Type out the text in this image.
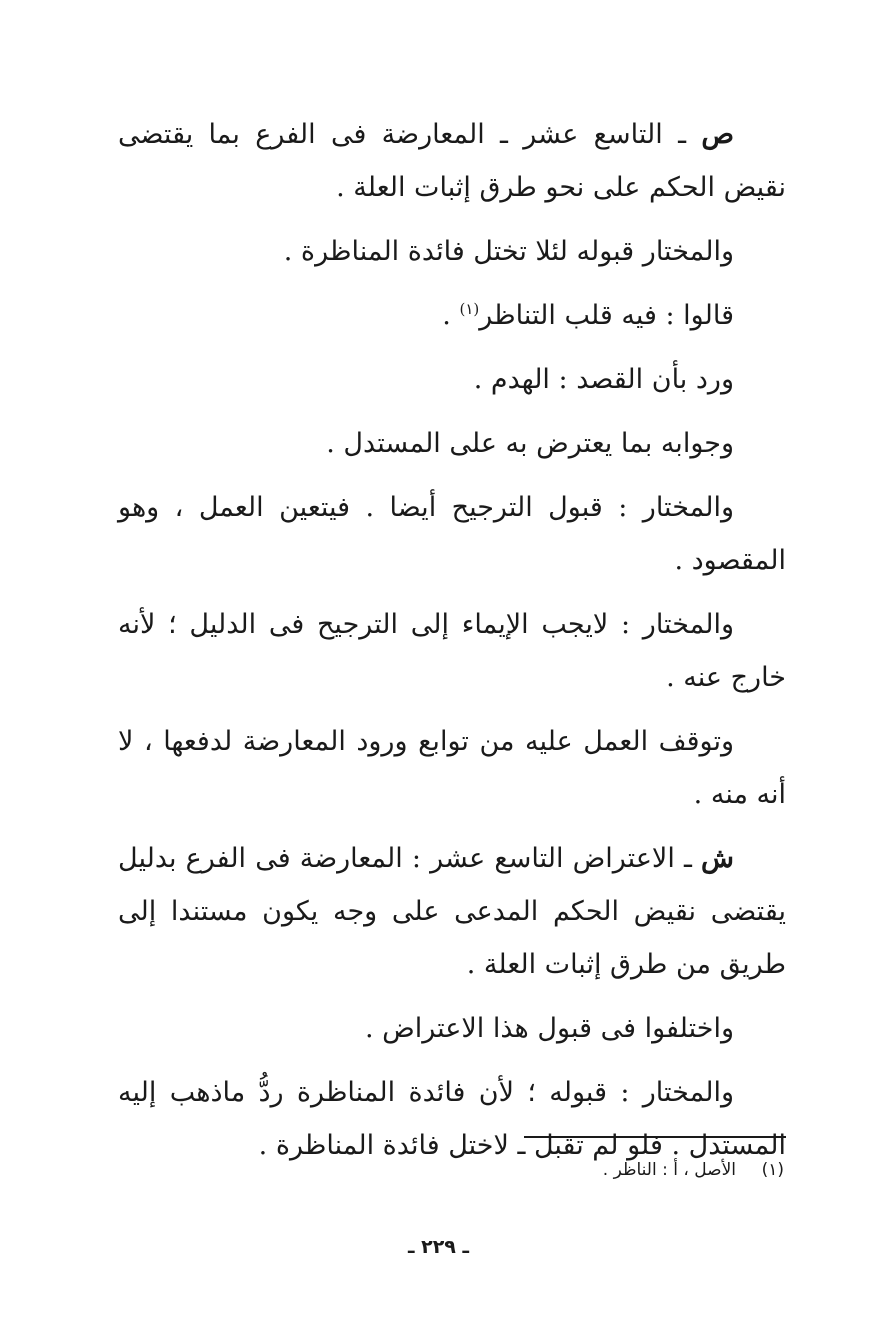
ص ـ التاسع عشر ـ المعارضة فى الفرع بما يقتضى نقيض الحكم على نحو طرق إثبات العلة .

والمختار قبوله لئلا تختل فائدة المناظرة .

قالوا : فيه قلب التناظر$^{(١)}$ .

ورد بأن القصد : الهدم .

وجوابه بما يعترض به على المستدل .

والمختار : قبول الترجيح أيضا . فيتعين العمل ، وهو المقصود .

والمختار : لايجب الإيماء إلى الترجيح فى الدليل ؛ لأنه خارج عنه .

وتوقف العمل عليه من توابع ورود المعارضة لدفعها ، لا أنه منه .

ش ـ الاعتراض التاسع عشر : المعارضة فى الفرع بدليل يقتضى نقيض الحكم المدعى على وجه يكون مستندا إلى طريق من طرق إثبات العلة .

واختلفوا فى قبول هذا الاعتراض .

والمختار : قبوله ؛ لأن فائدة المناظرة ردُّ ماذهب إليه المستدل . فلو لم تقبل ـ لاختل فائدة المناظرة .

(١)الأصل ، أ : الناظر .
ـ ٢٢٩ ـ
